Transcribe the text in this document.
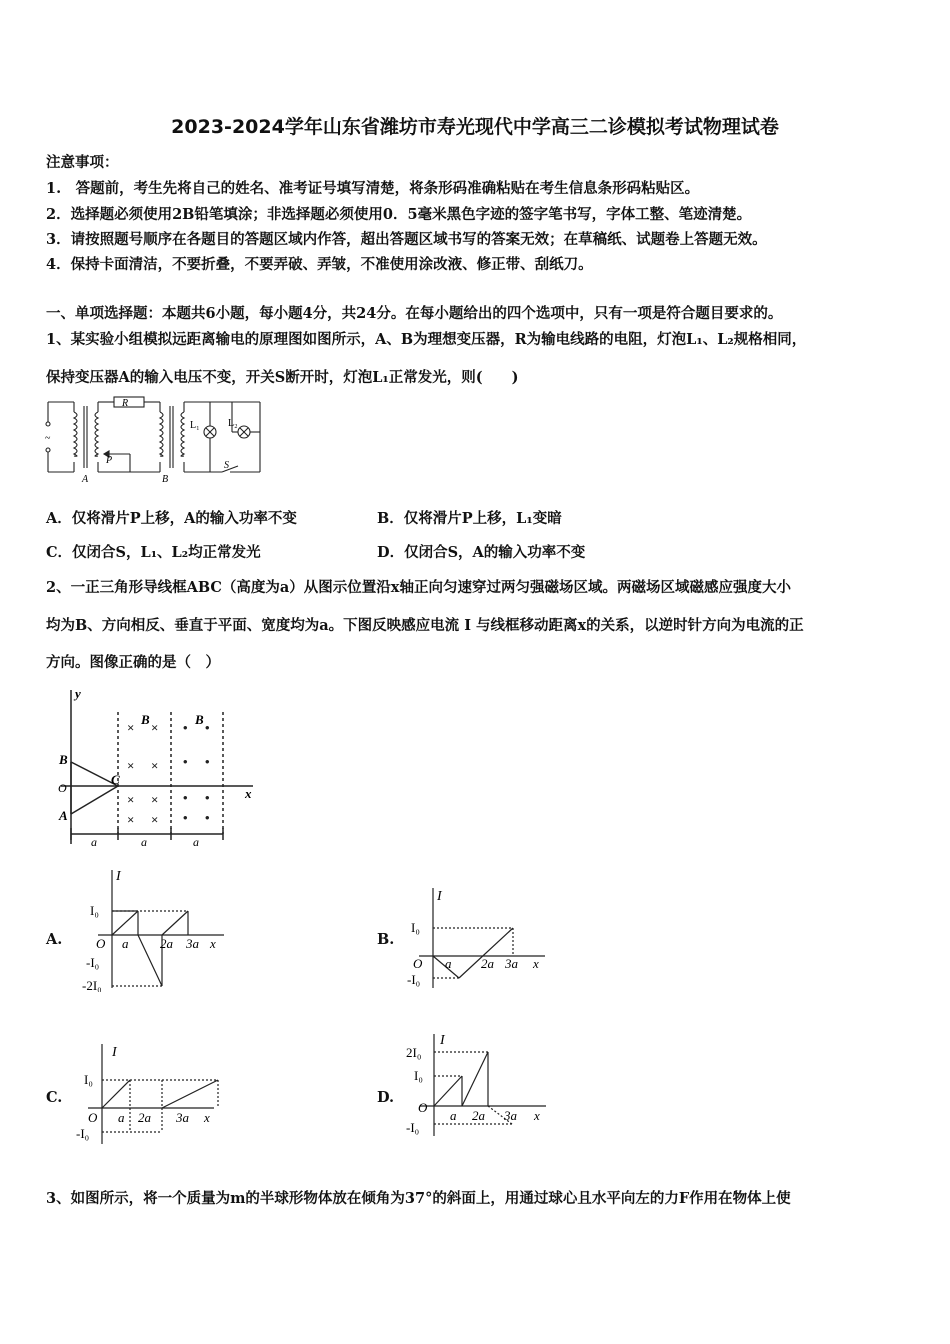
2023-2024学年山东省潍坊市寿光现代中学高三二诊模拟考试物理试卷
注意事项：
1.　答题前，考生先将自己的姓名、准考证号填写清楚，将条形码准确粘贴在考生信息条形码粘贴区。
2．选择题必须使用2B铅笔填涂；非选择题必须使用0．5毫米黑色字迹的签字笔书写，字体工整、笔迹清楚。
3．请按照题号顺序在各题目的答题区域内作答，超出答题区域书写的答案无效；在草稿纸、试题卷上答题无效。
4．保持卡面清洁，不要折叠，不要弄破、弄皱，不准使用涂改液、修正带、刮纸刀。
一、单项选择题：本题共6小题，每小题4分，共24分。在每小题给出的四个选项中，只有一项是符合题目要求的。
1、某实验小组模拟远距离输电的原理图如图所示，A、B为理想变压器，R为输电线路的电阻，灯泡L₁、L₂规格相同，
保持变压器A的输入电压不变，开关S断开时，灯泡L₁正常发光，则(　　)
~
R
P
A	B
L₁	L₂
S
A．仅将滑片P上移，A的输入功率不变	B．仅将滑片P上移，L₁变暗
C．仅闭合S，L₁、L₂均正常发光	D．仅闭合S，A的输入功率不变
2、一正三角形导线框ABC（高度为a）从图示位置沿x轴正向匀速穿过两匀强磁场区域。两磁场区域磁感应强度大小
均为B、方向相反、垂直于平面、宽度均为a。下图反映感应电流 I 与线框移动距离x的关系，以逆时针方向为电流的正
方向。图像正确的是（　）
× ×
× ×
× ×
× ×
• •
• •
• •
• •
y
x
O
B
A
C
B	B
a	a	a
A.
I
I₀
O
-I₀
-2I₀
a 2a 3a x	B.
I
I₀
O
-I₀
a 2a 3a x
C.
I
I₀
O
-I₀
a 2a 3a x
D.
I
2I₀
I₀
O
-I₀
a 2a 3a x
3、如图所示，将一个质量为m的半球形物体放在倾角为37°的斜面上，用通过球心且水平向左的力F作用在物体上使
